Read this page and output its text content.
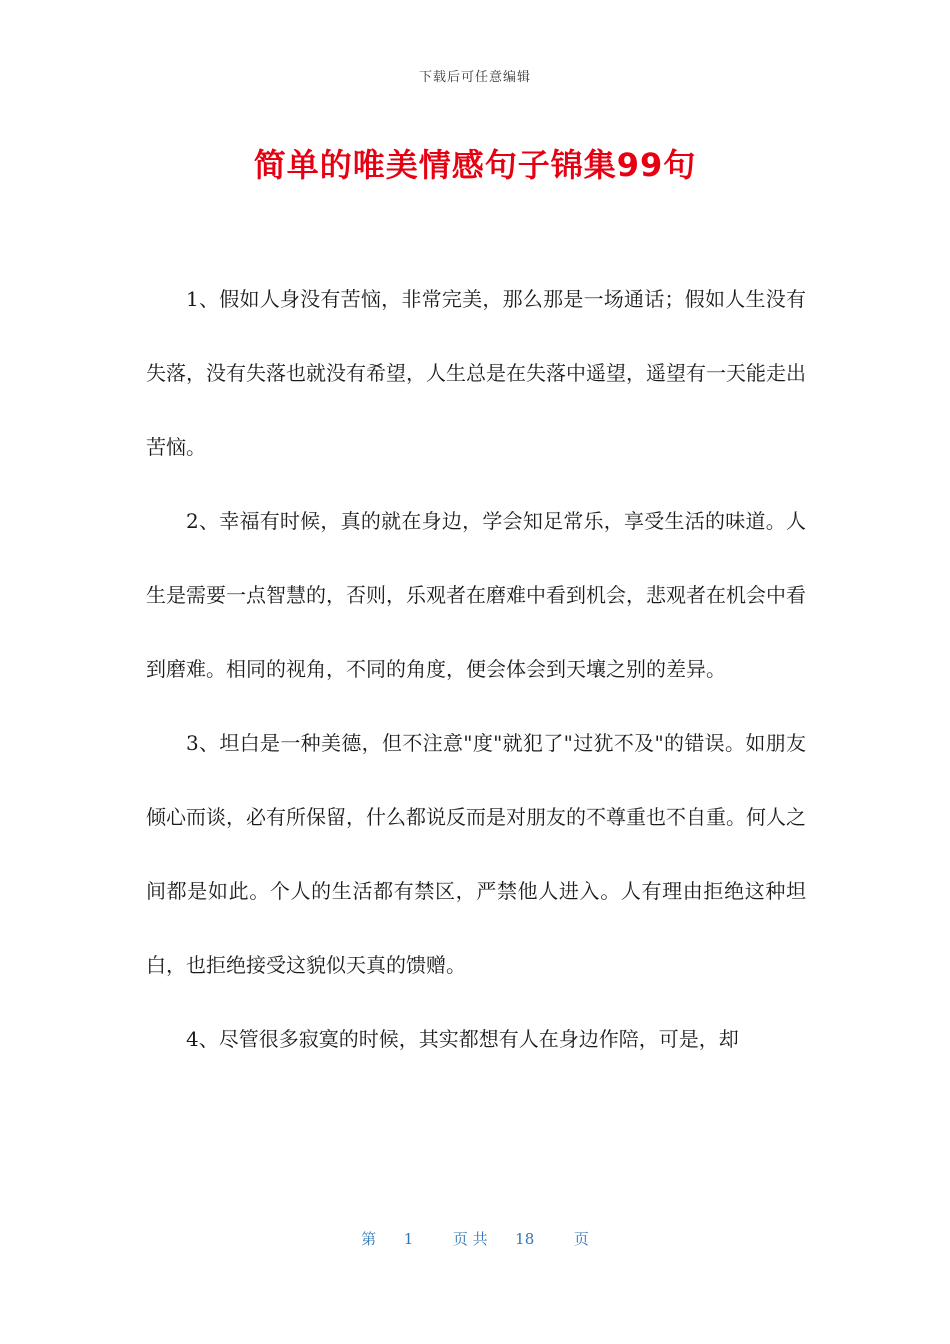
下载后可任意编辑
简单的唯美情感句子锦集99句

1、假如人身没有苦恼，非常完美，那么那是一场通话；假如人生没有失落，没有失落也就没有希望，人生总是在失落中遥望，遥望有一天能走出苦恼。

2、幸福有时候，真的就在身边，学会知足常乐，享受生活的味道。人生是需要一点智慧的，否则，乐观者在磨难中看到机会，悲观者在机会中看到磨难。相同的视角，不同的角度，便会体会到天壤之别的差异。

3、坦白是一种美德，但不注意"度"就犯了"过犹不及"的错误。如朋友倾心而谈，必有所保留，什么都说反而是对朋友的不尊重也不自重。何人之间都是如此。个人的生活都有禁区，严禁他人进入。人有理由拒绝这种坦白，也拒绝接受这貌似天真的馈赠。

4、尽管很多寂寞的时候，其实都想有人在身边作陪，可是，却

第 1	页 共 18	页
